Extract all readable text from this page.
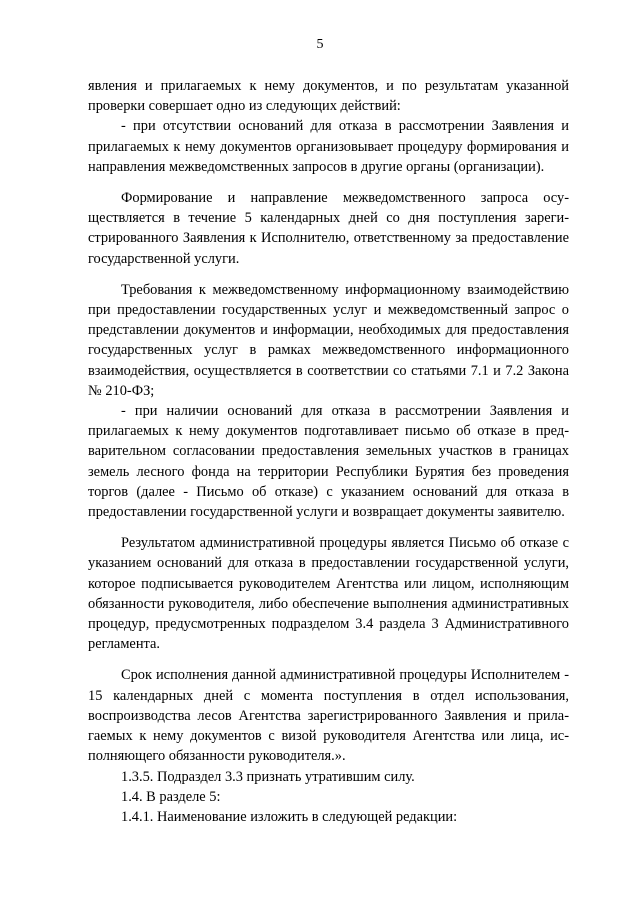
5

явления и прилагаемых к нему документов, и по результатам указанной проверки совершает одно из следующих действий:

- при отсутствии оснований для отказа в рассмотрении Заявления и прилагаемых к нему документов организовывает процедуру формирования и направления межведомственных запросов в другие органы (организации).

Формирование и направление межведомственного запроса осуществляется в течение 5 календарных дней со дня поступления зарегистрированного Заявления к Исполнителю, ответственному за предоставление государственной услуги.

Требования к межведомственному информационному взаимодействию при предоставлении государственных услуг и межведомственный запрос о представлении документов и информации, необходимых для предоставления государственных услуг в рамках межведомственного информационного взаимодействия, осуществляется в соответствии со статьями 7.1 и 7.2 Закона № 210-ФЗ;

- при наличии оснований для отказа в рассмотрении Заявления и прилагаемых к нему документов подготавливает письмо об отказе в предварительном согласовании предоставления земельных участков в границах земель лесного фонда на территории Республики Бурятия без проведения торгов (далее - Письмо об отказе) с указанием оснований для отказа в предоставлении государственной услуги и возвращает документы заявителю.

Результатом административной процедуры является Письмо об отказе с указанием оснований для отказа в предоставлении государственной услуги, которое подписывается руководителем Агентства или лицом, исполняющим обязанности руководителя, либо обеспечение выполнения административных процедур, предусмотренных подразделом 3.4 раздела 3 Административного регламента.

Срок исполнения данной административной процедуры Исполнителем - 15 календарных дней с момента поступления в отдел использования, воспроизводства лесов Агентства зарегистрированного Заявления и прилагаемых к нему документов с визой руководителя Агентства или лица, исполняющего обязанности руководителя.».

1.3.5. Подраздел 3.3 признать утратившим силу.

1.4. В разделе 5:

1.4.1. Наименование изложить в следующей редакции:
